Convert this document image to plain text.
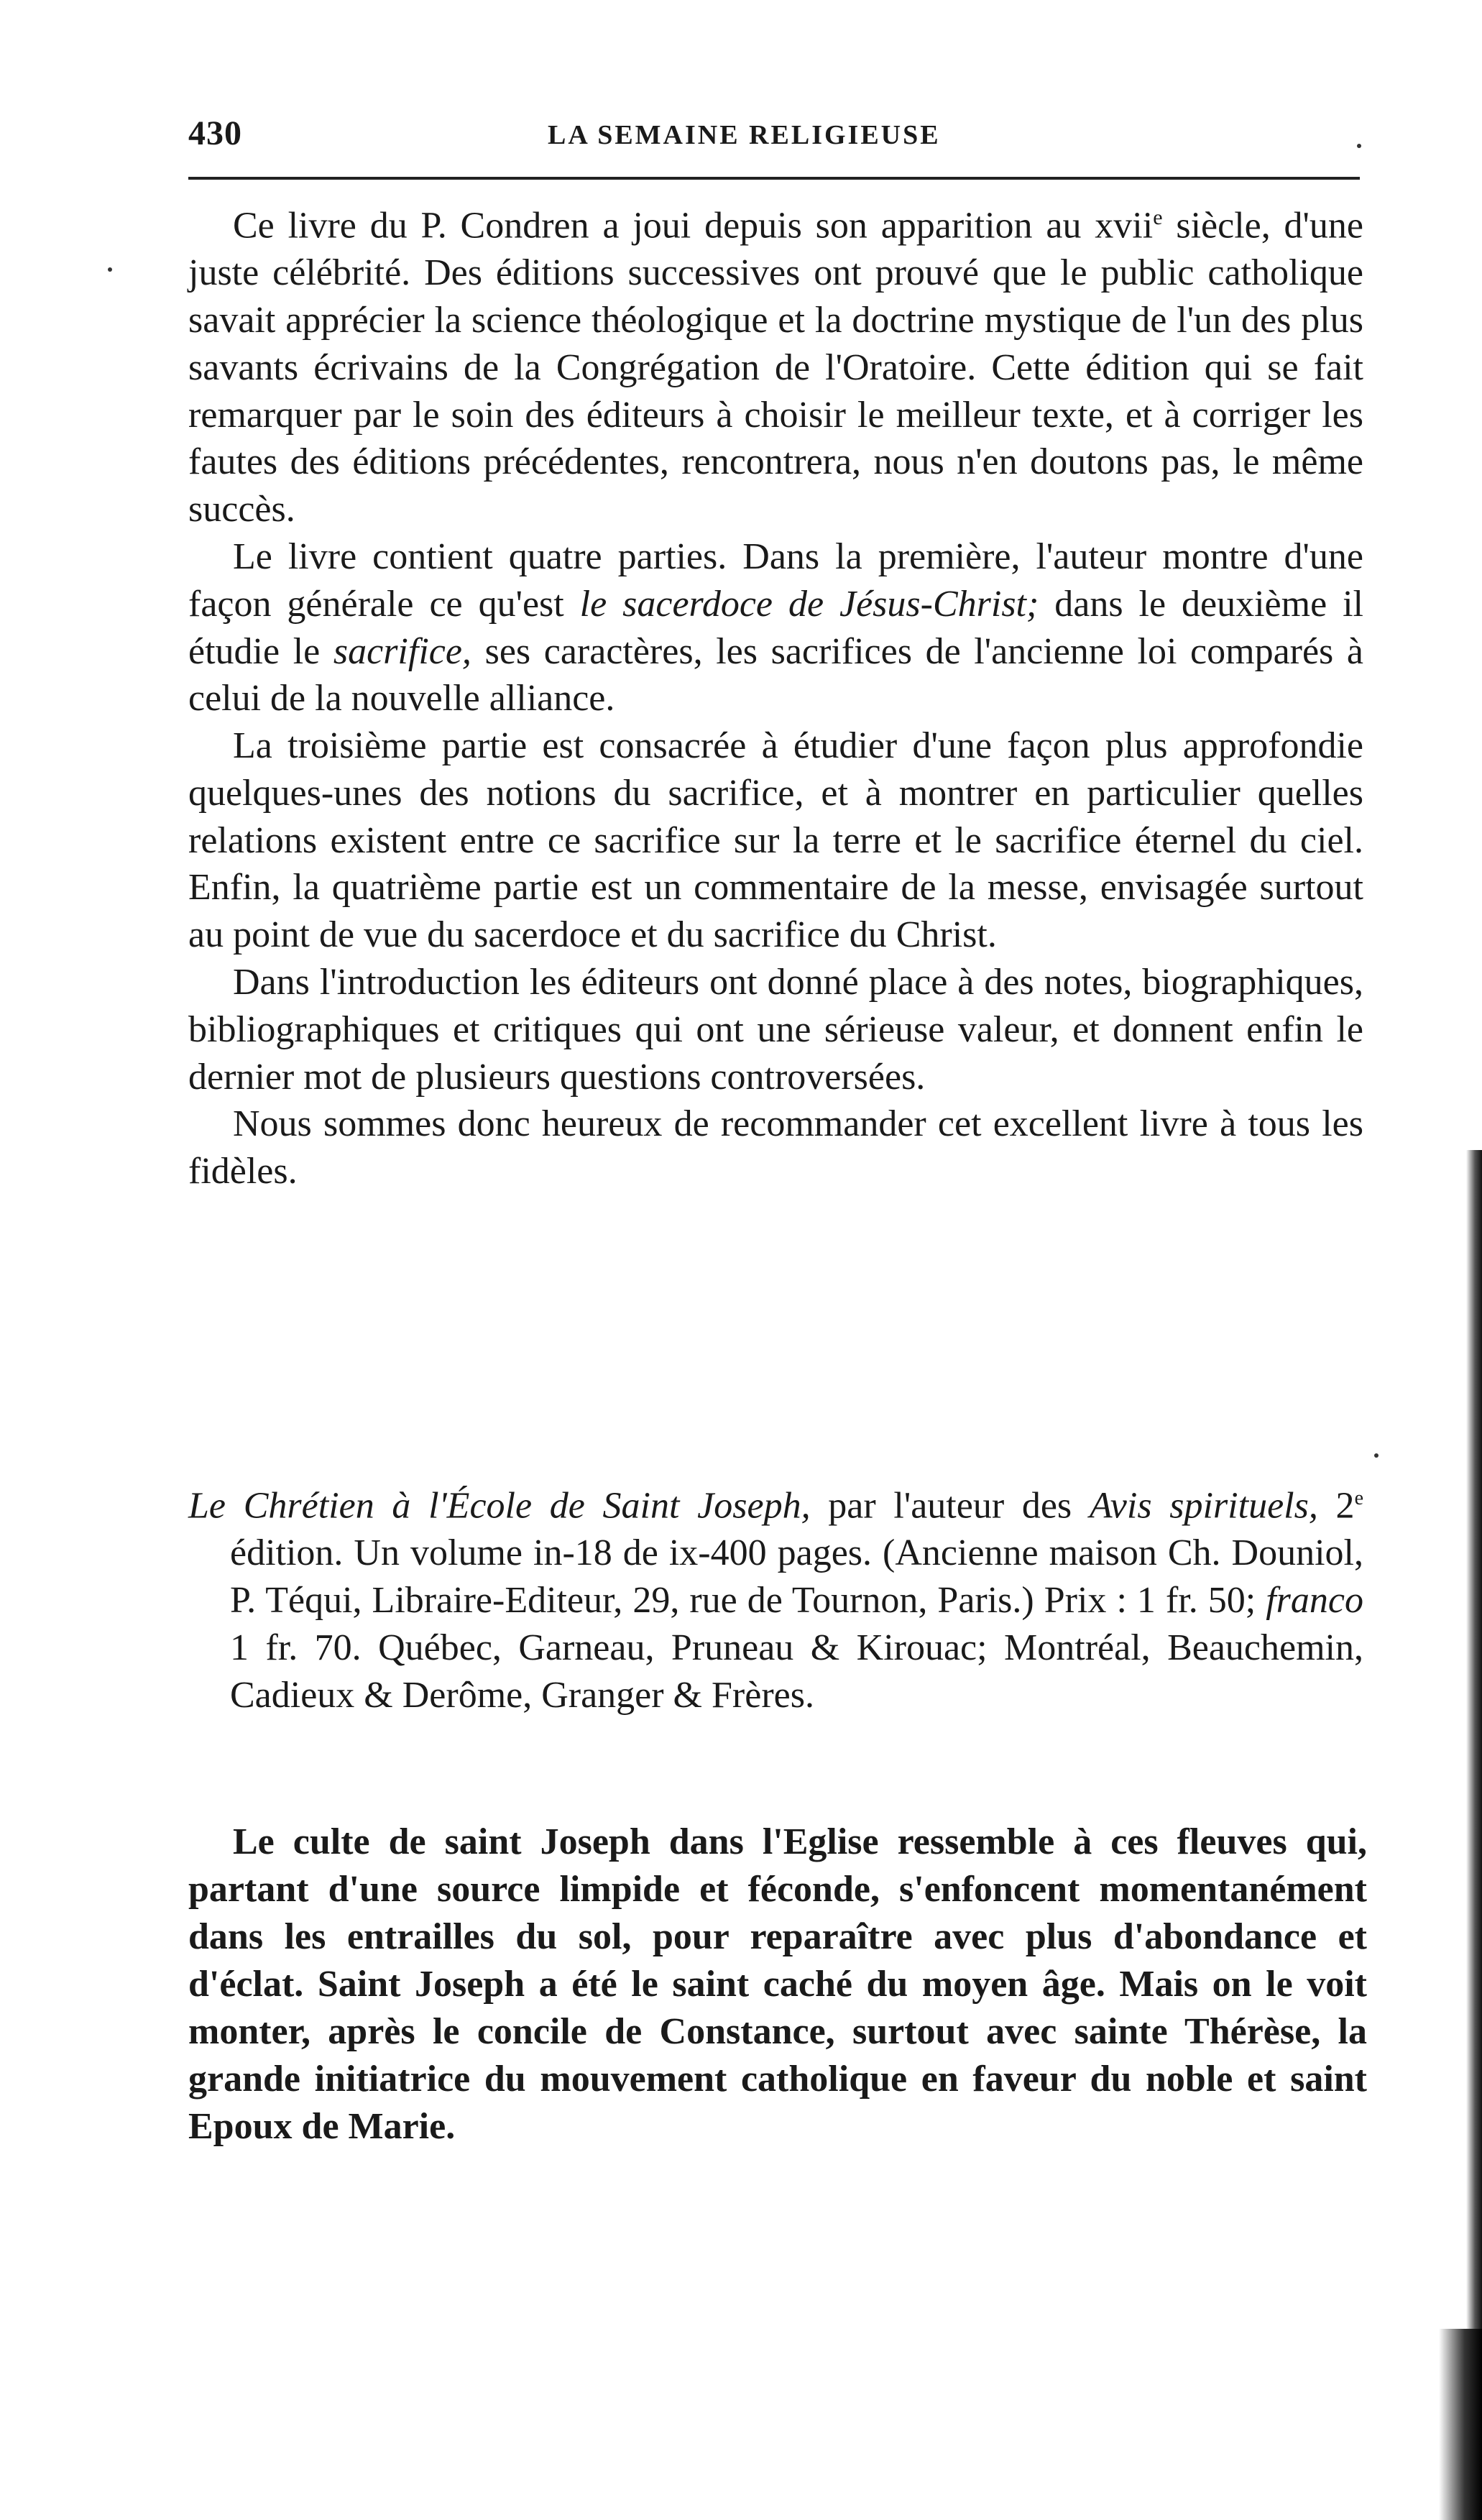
430	LA SEMAINE RELIGIEUSE

Ce livre du P. Condren a joui depuis son apparition au xvii$^e$ siècle, d'une juste célébrité. Des éditions successives ont prouvé que le public catholique savait apprécier la science théologique et la doctrine mystique de l'un des plus savants écrivains de la Congrégation de l'Oratoire. Cette édition qui se fait remarquer par le soin des éditeurs à choisir le meilleur texte, et à corriger les fautes des éditions précédentes, rencontrera, nous n'en doutons pas, le même succès.

Le livre contient quatre parties. Dans la première, l'auteur montre d'une façon générale ce qu'est le sacerdoce de Jésus-Christ; dans le deuxième il étudie le sacrifice, ses caractères, les sacrifices de l'ancienne loi comparés à celui de la nouvelle alliance.

La troisième partie est consacrée à étudier d'une façon plus approfondie quelques-unes des notions du sacrifice, et à montrer en particulier quelles relations existent entre ce sacrifice sur la terre et le sacrifice éternel du ciel. Enfin, la quatrième partie est un commentaire de la messe, envisagée surtout au point de vue du sacerdoce et du sacrifice du Christ.

Dans l'introduction les éditeurs ont donné place à des notes, biographiques, bibliographiques et critiques qui ont une sérieuse valeur, et donnent enfin le dernier mot de plusieurs questions controversées.

Nous sommes donc heureux de recommander cet excellent livre à tous les fidèles.

Le Chrétien à l'École de Saint Joseph, par l'auteur des Avis spirituels, 2e édition. Un volume in-18 de ix-400 pages. (Ancienne maison Ch. Douniol, P. Téqui, Libraire-Editeur, 29, rue de Tournon, Paris.) Prix : 1 fr. 50; franco 1 fr. 70. Québec, Garneau, Pruneau & Kirouac; Montréal, Beauchemin, Cadieux & Derôme, Granger & Frères.

Le culte de saint Joseph dans l'Eglise ressemble à ces fleuves qui, partant d'une source limpide et féconde, s'enfoncent momentanément dans les entrailles du sol, pour reparaître avec plus d'abondance et d'éclat. Saint Joseph a été le saint caché du moyen âge. Mais on le voit monter, après le concile de Constance, surtout avec sainte Thérèse, la grande initiatrice du mouvement catholique en faveur du noble et saint Epoux de Marie.
